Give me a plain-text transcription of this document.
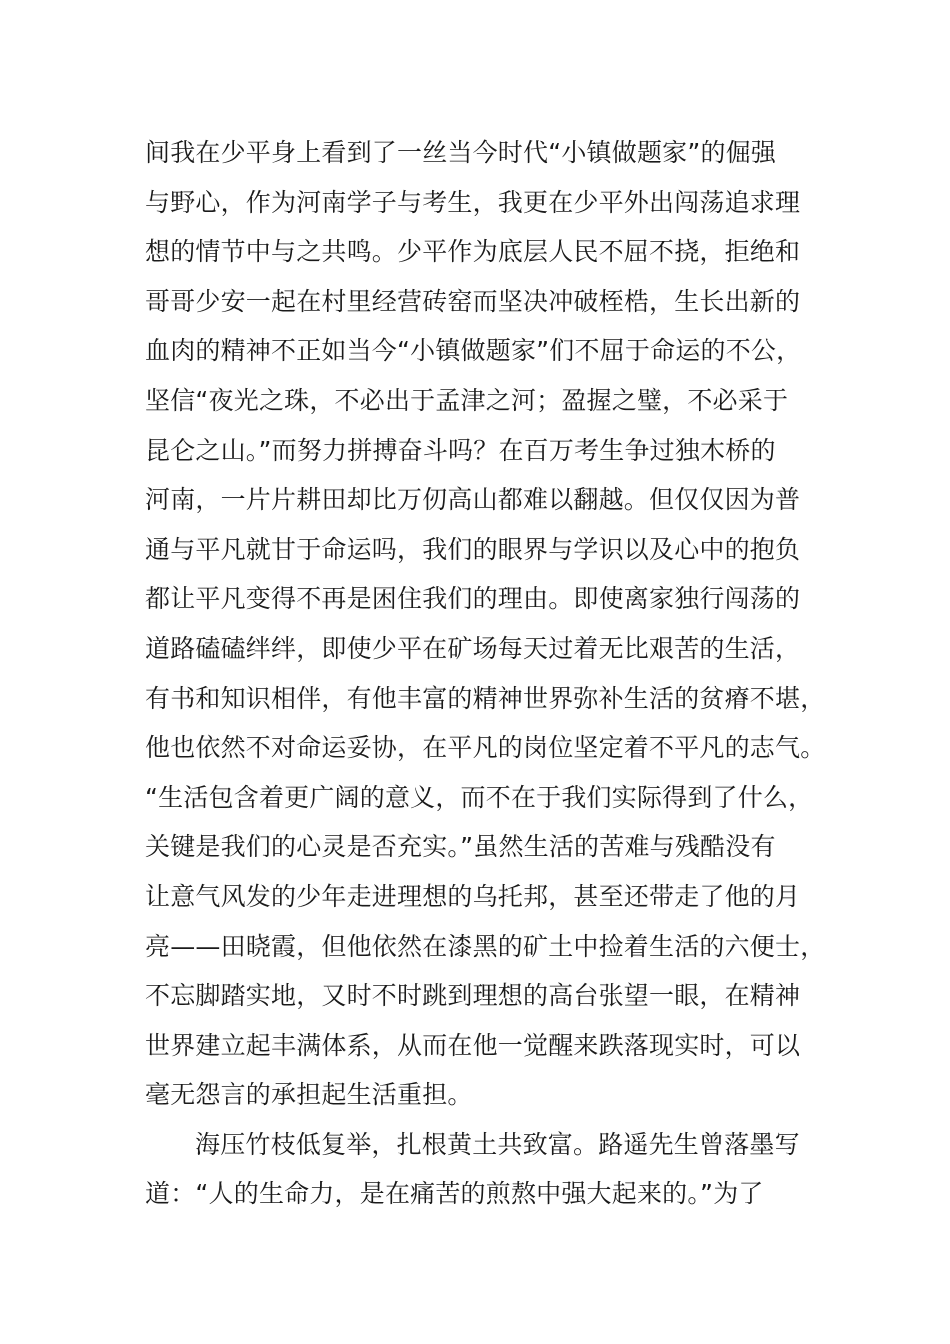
间我在少平身上看到了一丝当今时代“小镇做题家”的倔强
与野心，作为河南学子与考生，我更在少平外出闯荡追求理
想的情节中与之共鸣。少平作为底层人民不屈不挠，拒绝和
哥哥少安一起在村里经营砖窑而坚决冲破桎梏，生长出新的
血肉的精神不正如当今“小镇做题家”们不屈于命运的不公，
坚信“夜光之珠，不必出于孟津之河；盈握之璧，不必采于
昆仑之山。”而努力拼搏奋斗吗？在百万考生争过独木桥的
河南，一片片耕田却比万仞高山都难以翻越。但仅仅因为普
通与平凡就甘于命运吗，我们的眼界与学识以及心中的抱负
都让平凡变得不再是困住我们的理由。即使离家独行闯荡的
道路磕磕绊绊，即使少平在矿场每天过着无比艰苦的生活，
有书和知识相伴，有他丰富的精神世界弥补生活的贫瘠不堪，
他也依然不对命运妥协，在平凡的岗位坚定着不平凡的志气。
“生活包含着更广阔的意义，而不在于我们实际得到了什么，
关键是我们的心灵是否充实。”虽然生活的苦难与残酷没有
让意气风发的少年走进理想的乌托邦，甚至还带走了他的月
亮——田晓霞，但他依然在漆黑的矿土中捡着生活的六便士，
不忘脚踏实地，又时不时跳到理想的高台张望一眼，在精神
世界建立起丰满体系，从而在他一觉醒来跌落现实时，可以
毫无怨言的承担起生活重担。
海压竹枝低复举，扎根黄土共致富。路遥先生曾落墨写
道：“人的生命力，是在痛苦的煎熬中强大起来的。”为了
